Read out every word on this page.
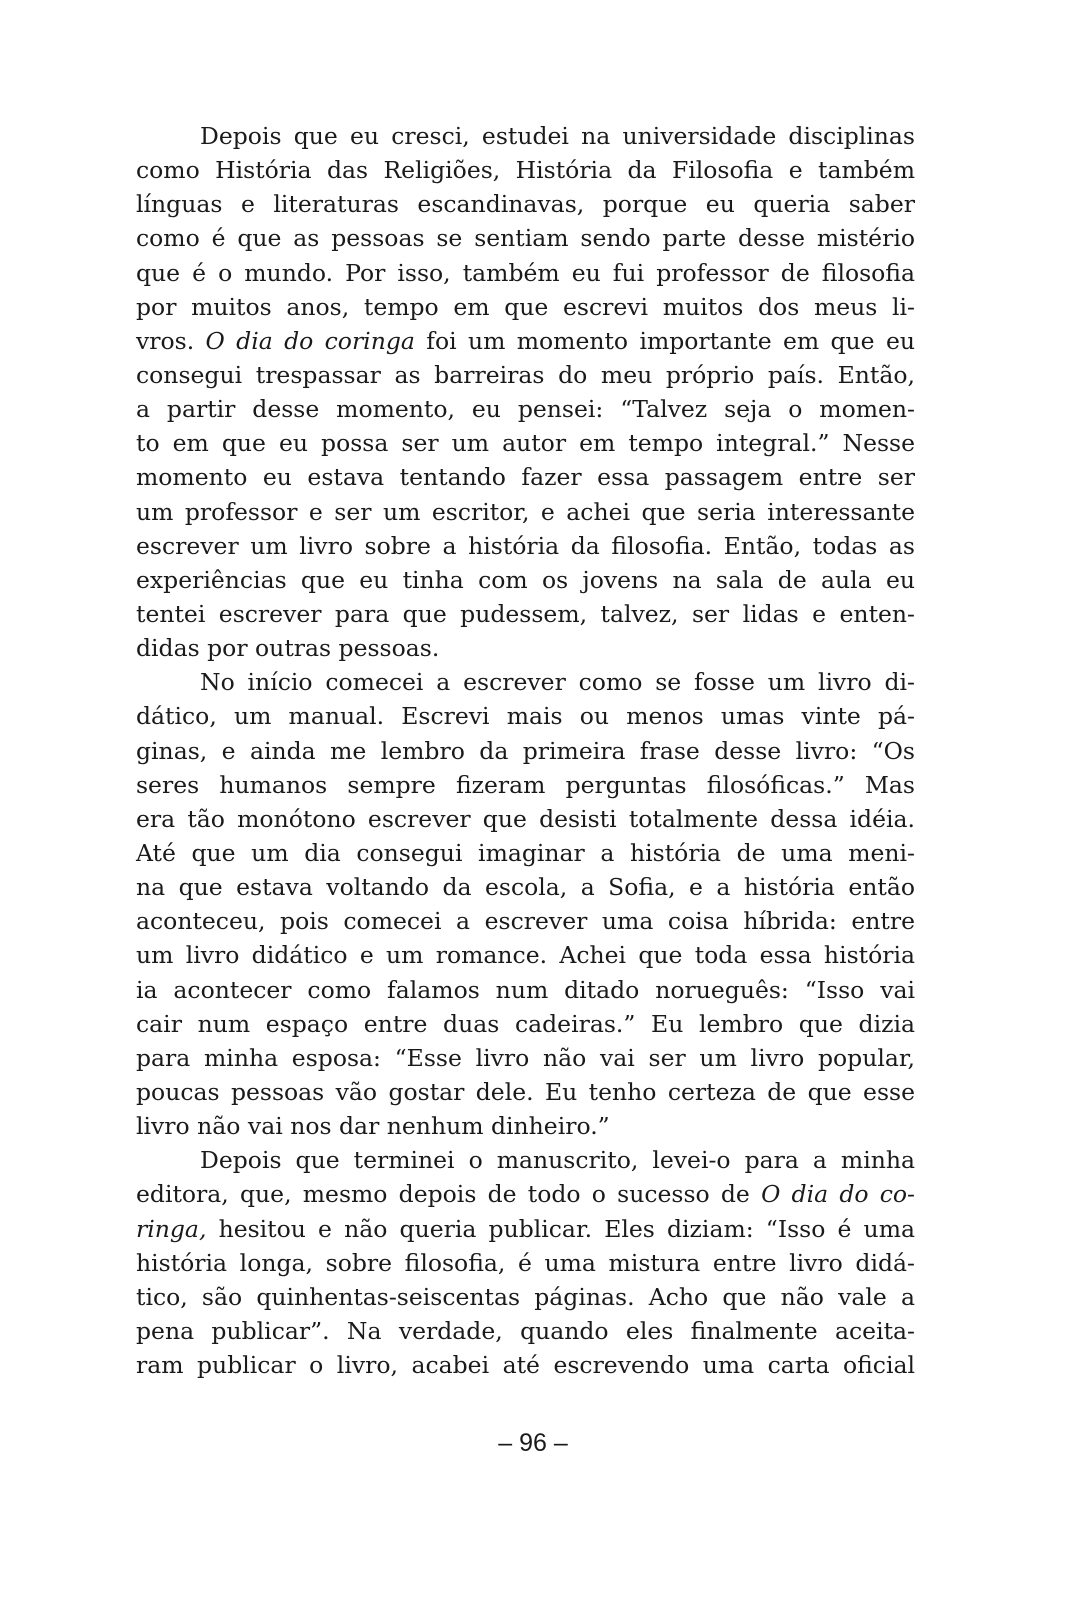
Depois que eu cresci, estudei na universidade disciplinas
como História das Religiões, História da Filosofia e também
línguas e literaturas escandinavas, porque eu queria saber
como é que as pessoas se sentiam sendo parte desse mistério
que é o mundo. Por isso, também eu fui professor de filosofia
por muitos anos, tempo em que escrevi muitos dos meus li-
vros. O dia do coringa foi um momento importante em que eu
consegui trespassar as barreiras do meu próprio país. Então,
a partir desse momento, eu pensei: “Talvez seja o momen-
to em que eu possa ser um autor em tempo integral.” Nesse
momento eu estava tentando fazer essa passagem entre ser
um professor e ser um escritor, e achei que seria interessante
escrever um livro sobre a história da filosofia. Então, todas as
experiências que eu tinha com os jovens na sala de aula eu
tentei escrever para que pudessem, talvez, ser lidas e enten-
didas por outras pessoas.
No início comecei a escrever como se fosse um livro di-
dático, um manual. Escrevi mais ou menos umas vinte pá-
ginas, e ainda me lembro da primeira frase desse livro: “Os
seres humanos sempre fizeram perguntas filosóficas.” Mas
era tão monótono escrever que desisti totalmente dessa idéia.
Até que um dia consegui imaginar a história de uma meni-
na que estava voltando da escola, a Sofia, e a história então
aconteceu, pois comecei a escrever uma coisa híbrida: entre
um livro didático e um romance. Achei que toda essa história
ia acontecer como falamos num ditado norueguês: “Isso vai
cair num espaço entre duas cadeiras.” Eu lembro que dizia
para minha esposa: “Esse livro não vai ser um livro popular,
poucas pessoas vão gostar dele. Eu tenho certeza de que esse
livro não vai nos dar nenhum dinheiro.”
Depois que terminei o manuscrito, levei-o para a minha
editora, que, mesmo depois de todo o sucesso de O dia do co-
ringa, hesitou e não queria publicar. Eles diziam: “Isso é uma
história longa, sobre filosofia, é uma mistura entre livro didá-
tico, são quinhentas-seiscentas páginas. Acho que não vale a
pena publicar”. Na verdade, quando eles finalmente aceita-
ram publicar o livro, acabei até escrevendo uma carta oficial
– 96 –
